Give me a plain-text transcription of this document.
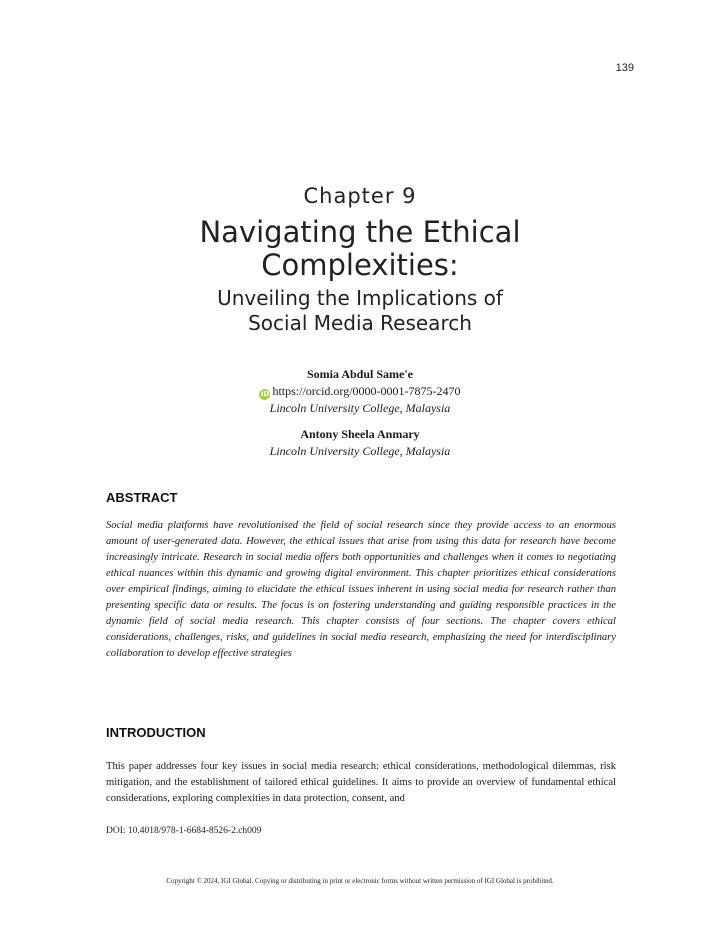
139

Chapter 9

Navigating the Ethical
Complexities:
Unveiling the Implications of
Social Media Research

Somia Abdul Same'e

iD https://orcid.org/0000-0001-7875-2470

Lincoln University College, Malaysia

Antony Sheela Anmary

Lincoln University College, Malaysia

ABSTRACT

Social media platforms have revolutionised the field of social research since they provide access to an enormous amount of user-generated data. However, the ethical issues that arise from using this data for research have become increasingly intricate. Research in social media offers both opportunities and challenges when it comes to negotiating ethical nuances within this dynamic and growing digital environment. This chapter prioritizes ethical considerations over empirical findings, aiming to elucidate the ethical issues inherent in using social media for research rather than presenting specific data or results. The focus is on fostering understanding and guiding responsible practices in the dynamic field of social media research. This chapter consists of four sections. The chapter covers ethical considerations, challenges, risks, and guidelines in social media research, emphasizing the need for interdisciplinary collaboration to develop effective strategies

INTRODUCTION

This paper addresses four key issues in social media research: ethical considerations, methodological dilemmas, risk mitigation, and the establishment of tailored ethical guidelines. It aims to provide an overview of fundamental ethical considerations, exploring complexities in data protection, consent, and

DOI: 10.4018/978-1-6684-8526-2.ch009
Copyright © 2024, IGI Global. Copying or distributing in print or electronic forms without written permission of IGI Global is prohibited.
